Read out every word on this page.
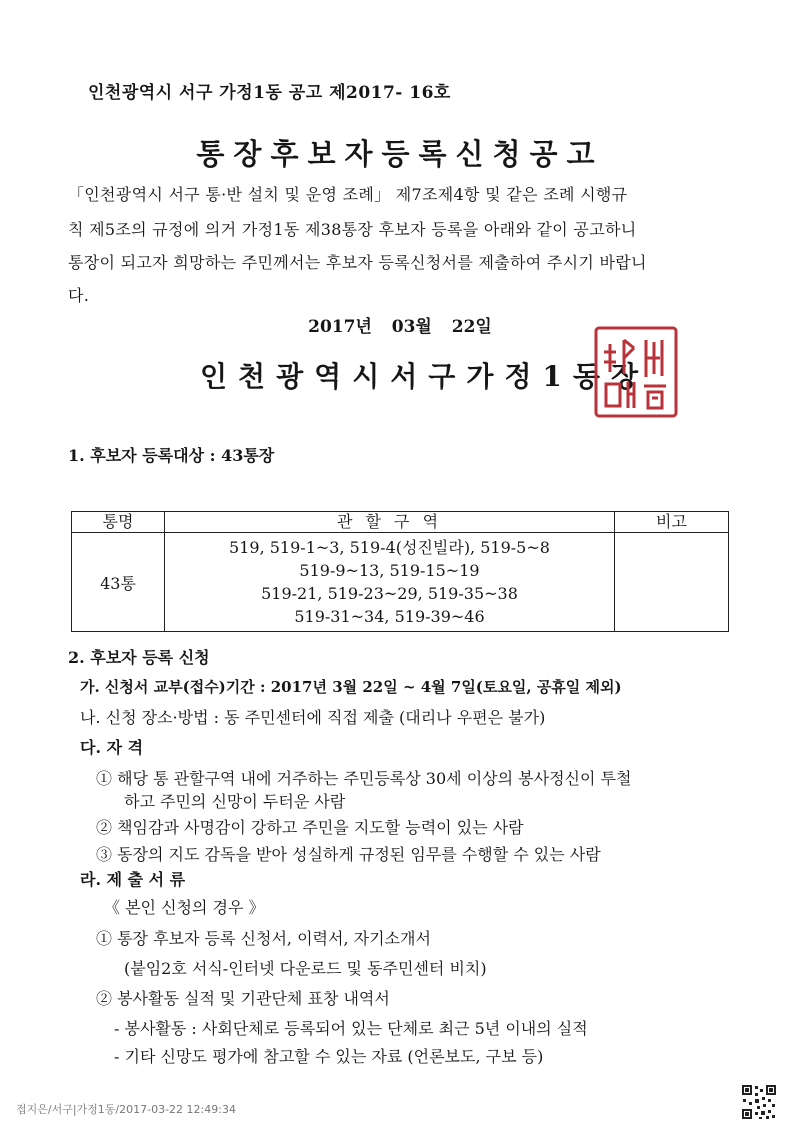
인천광역시 서구 가정1동 공고 제2017- 16호
통장후보자등록신청공고
「인천광역시 서구 통·반 설치 및 운영 조례」 제7조제4항 및 같은 조례 시행규
칙 제5조의 규정에 의거 가정1동 제38통장 후보자 등록을 아래와 같이 공고하니
통장이 되고자 희망하는 주민께서는 후보자 등록신청서를 제출하여 주시기 바랍니
다.
2017년 03월 22일
인천광역시서구가정1동장
1. 후보자 등록대상 : 43통장
통명	관 할 구 역	비고
43통	519, 519-1~3, 519-4(성진빌라), 519-5~8
519-9~13, 519-15~19
519-21, 519-23~29, 519-35~38
519-31~34, 519-39~46	

2. 후보자 등록 신청
가. 신청서 교부(접수)기간 : 2017년 3월 22일 ~ 4월 7일(토요일, 공휴일 제외)
나. 신청 장소·방법 : 동 주민센터에 직접 제출 (대리나 우편은 불가)
다. 자 격
① 해당 통 관할구역 내에 거주하는 주민등록상 30세 이상의 봉사정신이 투철
하고 주민의 신망이 두터운 사람
② 책임감과 사명감이 강하고 주민을 지도할 능력이 있는 사람
③ 동장의 지도 감독을 받아 성실하게 규정된 임무를 수행할 수 있는 사람
라. 제 출 서 류
《 본인 신청의 경우 》
① 통장 후보자 등록 신청서, 이력서, 자기소개서
(붙임2호 서식-인터넷 다운로드 및 동주민센터 비치)
② 봉사활동 실적 및 기관단체 표창 내역서
- 봉사활동 : 사회단체로 등록되어 있는 단체로 최근 5년 이내의 실적
- 기타 신망도 평가에 참고할 수 있는 자료 (언론보도, 구보 등)
접지은/서구|가정1동/2017-03-22 12:49:34
